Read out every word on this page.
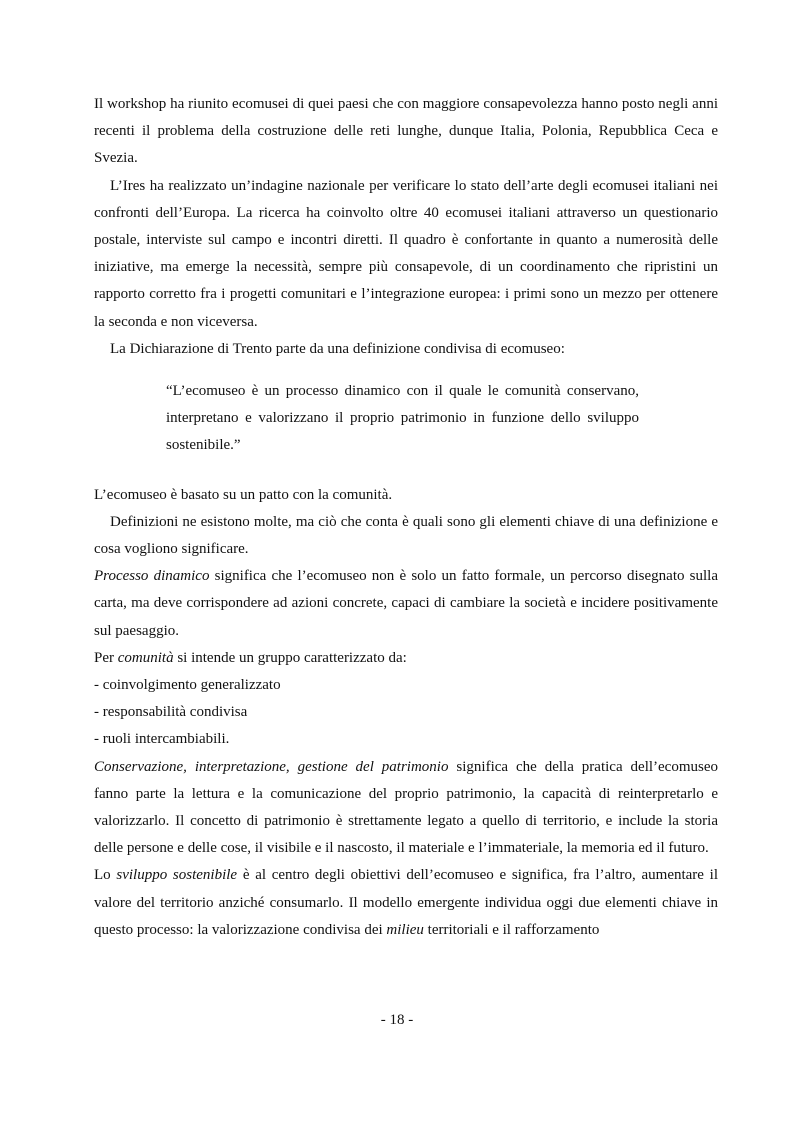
Il workshop ha riunito ecomusei di quei paesi che con maggiore consapevolezza hanno posto negli anni recenti il problema della costruzione delle reti lunghe, dunque Italia, Polonia, Repubblica Ceca e Svezia.

L’Ires ha realizzato un’indagine nazionale per verificare lo stato dell’arte degli ecomusei italiani nei confronti dell’Europa. La ricerca ha coinvolto oltre 40 ecomusei italiani attraverso un questionario postale, interviste sul campo e incontri diretti. Il quadro è confortante in quanto a numerosità delle iniziative, ma emerge la necessità, sempre più consapevole, di un coordinamento che ripristini un rapporto corretto fra i progetti comunitari e l’integrazione europea: i primi sono un mezzo per ottenere la seconda e non viceversa.

La Dichiarazione di Trento parte da una definizione condivisa di ecomuseo:

“L’ecomuseo è un processo dinamico con il quale le comunità conservano, interpretano e valorizzano il proprio patrimonio in funzione dello sviluppo sostenibile.”

L’ecomuseo è basato su un patto con la comunità.

Definizioni ne esistono molte, ma ciò che conta è quali sono gli elementi chiave di una definizione e cosa vogliono significare.

Processo dinamico significa che l’ecomuseo non è solo un fatto formale, un percorso disegnato sulla carta, ma deve corrispondere ad azioni concrete, capaci di cambiare la società e incidere positivamente sul paesaggio.

Per comunità si intende un gruppo caratterizzato da:

- coinvolgimento generalizzato

- responsabilità condivisa

- ruoli intercambiabili.

Conservazione, interpretazione, gestione del patrimonio significa che della pratica dell’ecomuseo fanno parte la lettura e la comunicazione del proprio patrimonio, la capacità di reinterpretarlo e valorizzarlo. Il concetto di patrimonio è strettamente legato a quello di territorio, e include la storia delle persone e delle cose, il visibile e il nascosto, il materiale e l’immateriale, la memoria ed il futuro.

Lo sviluppo sostenibile è al centro degli obiettivi dell’ecomuseo e significa, fra l’altro, aumentare il valore del territorio anziché consumarlo. Il modello emergente individua oggi due elementi chiave in questo processo: la valorizzazione condivisa dei milieu territoriali e il rafforzamento

- 18 -
